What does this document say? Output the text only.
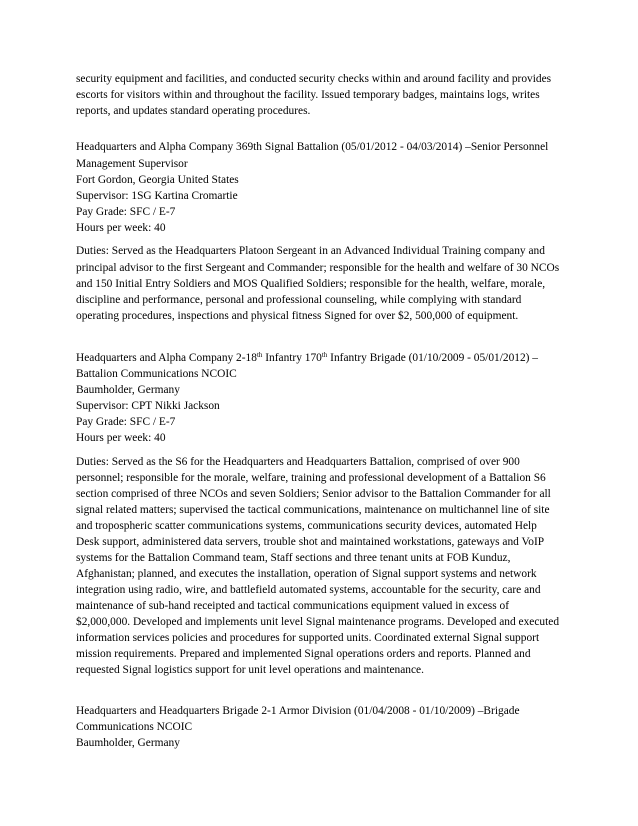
security equipment and facilities, and conducted security checks within and around facility and provides
escorts for visitors within and throughout the facility. Issued temporary badges, maintains logs, writes
reports, and updates standard operating procedures.
Headquarters and Alpha Company 369th Signal Battalion (05/01/2012 - 04/03/2014) –Senior Personnel
Management Supervisor
Fort Gordon, Georgia United States
Supervisor: 1SG Kartina Cromartie
Pay Grade: SFC / E-7
Hours per week: 40
Duties: Served as the Headquarters Platoon Sergeant in an Advanced Individual Training company and
principal advisor to the first Sergeant and Commander; responsible for the health and welfare of 30 NCOs
and 150 Initial Entry Soldiers and MOS Qualified Soldiers; responsible for the health, welfare, morale,
discipline and performance, personal and professional counseling, while complying with standard
operating procedures, inspections and physical fitness Signed for over $2, 500,000 of equipment.
Headquarters and Alpha Company 2-18th Infantry 170th Infantry Brigade (01/10/2009 - 05/01/2012) –
Battalion Communications NCOIC
Baumholder, Germany
Supervisor: CPT Nikki Jackson
Pay Grade: SFC / E-7
Hours per week: 40
Duties: Served as the S6 for the Headquarters and Headquarters Battalion, comprised of over 900
personnel; responsible for the morale, welfare, training and professional development of a Battalion S6
section comprised of three NCOs and seven Soldiers; Senior advisor to the Battalion Commander for all
signal related matters; supervised the tactical communications, maintenance on multichannel line of site
and tropospheric scatter communications systems, communications security devices, automated Help
Desk support, administered data servers, trouble shot and maintained workstations, gateways and VoIP
systems for the Battalion Command team, Staff sections and three tenant units at FOB Kunduz,
Afghanistan; planned, and executes the installation, operation of Signal support systems and network
integration using radio, wire, and battlefield automated systems, accountable for the security, care and
maintenance of sub-hand receipted and tactical communications equipment valued in excess of
$2,000,000. Developed and implements unit level Signal maintenance programs. Developed and executed
information services policies and procedures for supported units. Coordinated external Signal support
mission requirements. Prepared and implemented Signal operations orders and reports. Planned and
requested Signal logistics support for unit level operations and maintenance.
Headquarters and Headquarters Brigade 2-1 Armor Division (01/04/2008 - 01/10/2009) –Brigade
Communications NCOIC
Baumholder, Germany
